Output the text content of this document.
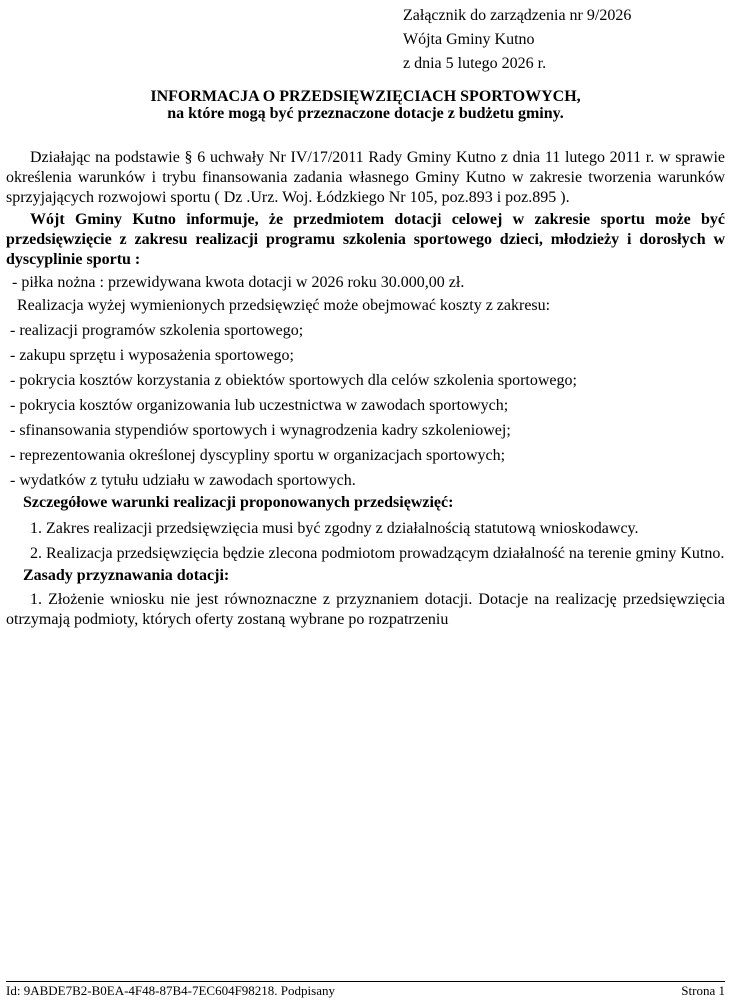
Załącznik do zarządzenia nr 9/2026
Wójta Gminy Kutno
z dnia 5 lutego 2026 r.
INFORMACJA O PRZEDSIĘWZIĘCIACH SPORTOWYCH,
na które mogą być przeznaczone dotacje z budżetu gminy.
Działając na podstawie § 6 uchwały Nr IV/17/2011 Rady Gminy Kutno z dnia 11 lutego 2011 r. w sprawie określenia warunków i trybu finansowania zadania własnego Gminy Kutno w zakresie tworzenia warunków sprzyjających rozwojowi sportu ( Dz .Urz. Woj. Łódzkiego Nr 105, poz.893 i poz.895 ).
Wójt Gminy Kutno informuje, że przedmiotem dotacji celowej w zakresie sportu może być przedsięwzięcie z zakresu realizacji programu szkolenia sportowego dzieci, młodzieży i dorosłych w dyscyplinie sportu :
- piłka nożna : przewidywana kwota dotacji w 2026 roku 30.000,00 zł.
Realizacja wyżej wymienionych przedsięwzięć może obejmować koszty z zakresu:
- realizacji programów szkolenia sportowego;
- zakupu sprzętu i wyposażenia sportowego;
- pokrycia kosztów korzystania z obiektów sportowych dla celów szkolenia sportowego;
- pokrycia kosztów organizowania lub uczestnictwa w zawodach sportowych;
- sfinansowania stypendiów sportowych i wynagrodzenia kadry szkoleniowej;
- reprezentowania określonej dyscypliny sportu w organizacjach sportowych;
- wydatków z tytułu udziału w zawodach sportowych.
Szczegółowe warunki realizacji proponowanych przedsięwzięć:
1. Zakres realizacji przedsięwzięcia musi być zgodny z działalnością statutową wnioskodawcy.
2. Realizacja przedsięwzięcia będzie zlecona podmiotom prowadzącym działalność na terenie gminy Kutno.
Zasady przyznawania dotacji:
1. Złożenie wniosku nie jest równoznaczne z przyznaniem dotacji. Dotacje na realizację przedsięwzięcia otrzymają podmioty, których oferty zostaną wybrane po rozpatrzeniu
Id: 9ABDE7B2-B0EA-4F48-87B4-7EC604F98218. Podpisany	Strona 1
